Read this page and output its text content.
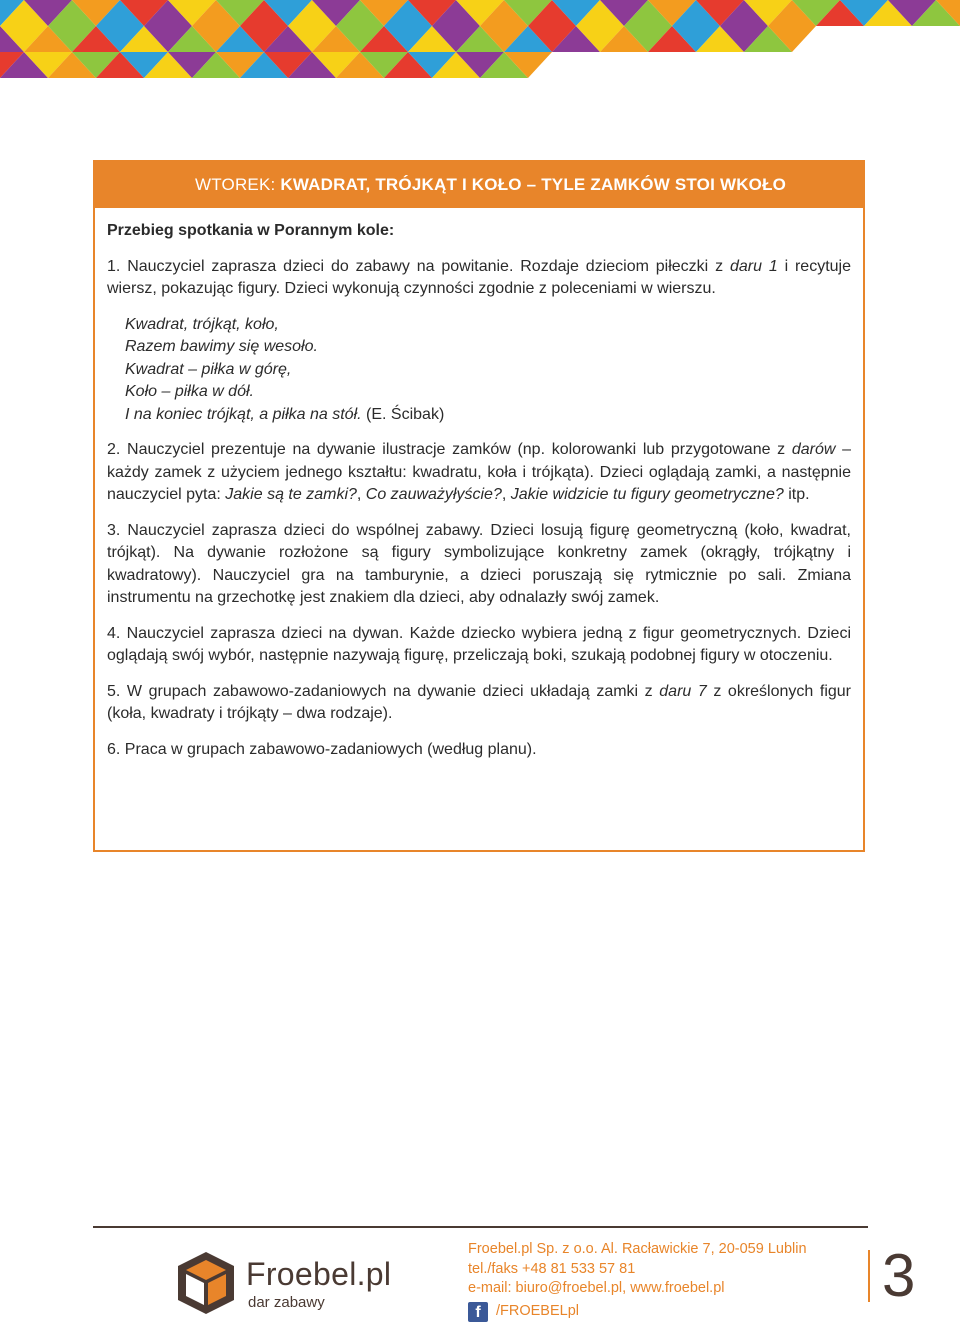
WTOREK:
KWADRAT, TRÓJKĄT I KOŁO – TYLE ZAMKÓW STOI WKOŁO

Przebieg spotkania w Porannym kole:

1. Nauczyciel zaprasza dzieci do zabawy na powitanie. Rozdaje dzieciom piłeczki z daru 1 i recytuje wiersz, pokazując figury. Dzieci wykonują czynności zgodnie z poleceniami w wierszu.

Kwadrat, trójkąt, koło,
Razem bawimy się wesoło.
Kwadrat – piłka w górę,
Koło – piłka w dół.
I na koniec trójkąt, a piłka na stół. (E. Ścibak)

2. Nauczyciel prezentuje na dywanie ilustracje zamków (np. kolorowanki lub przygotowane z darów – każdy zamek z użyciem jednego kształtu: kwadratu, koła i trójkąta). Dzieci oglądają zamki, a następnie nauczyciel pyta: Jakie są te zamki?, Co zauważyłyście?, Jakie widzicie tu figury geometryczne? itp.

3. Nauczyciel zaprasza dzieci do wspólnej zabawy. Dzieci losują figurę geometryczną (koło, kwadrat, trójkąt). Na dywanie rozłożone są figury symbolizujące konkretny zamek (okrągły, trójkątny i kwadratowy). Nauczyciel gra na tamburynie, a dzieci poruszają się rytmicznie po sali. Zmiana instrumentu na grzechotkę jest znakiem dla dzieci, aby odnalazły swój zamek.

4. Nauczyciel zaprasza dzieci na dywan. Każde dziecko wybiera jedną z figur geometrycznych. Dzieci oglądają swój wybór, następnie nazywają figurę, przeliczają boki, szukają podobnej figury w otoczeniu.

5. W grupach zabawowo-zadaniowych na dywanie dzieci układają zamki z daru 7 z określonych figur (koła, kwadraty i trójkąty – dwa rodzaje).

6. Praca w grupach zabawowo-zadaniowych (według planu).

Froebel.pl
dar zabawy
Froebel.pl Sp. z o.o. Al. Racławickie 7, 20-059 Lublin
tel./faks +48 81 533 57 81
e-mail: biuro@froebel.pl, www.froebel.pl
f	/FROEBELpl
3
